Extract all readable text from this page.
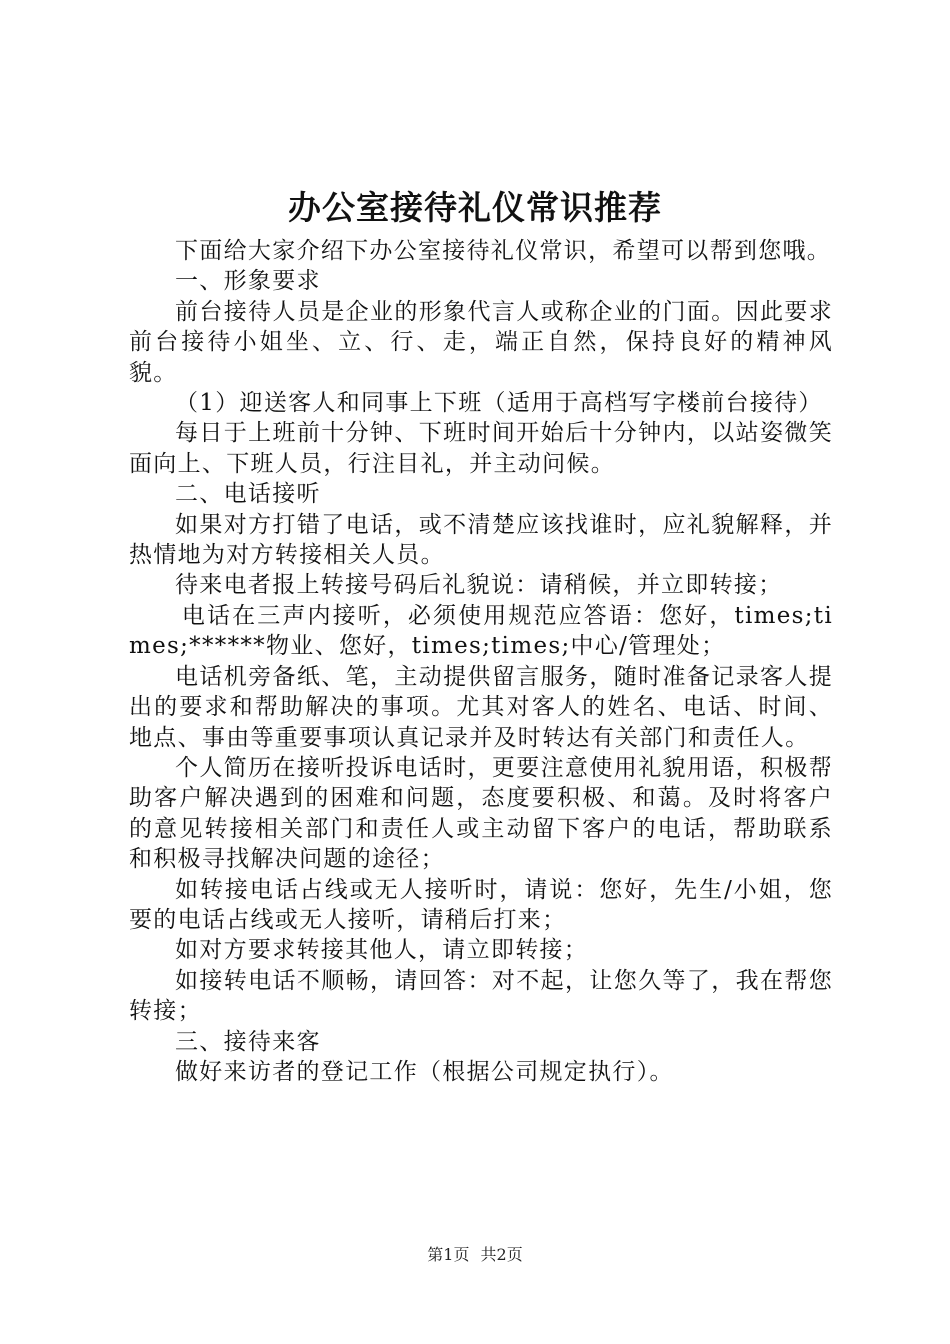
办公室接待礼仪常识推荐

下面给大家介绍下办公室接待礼仪常识，希望可以帮到您哦。

一、形象要求

前台接待人员是企业的形象代言人或称企业的门面。因此要求前台接待小姐坐、立、行、走，端正自然，保持良好的精神风貌。

（1）迎送客人和同事上下班（适用于高档写字楼前台接待）

每日于上班前十分钟、下班时间开始后十分钟内，以站姿微笑面向上、下班人员，行注目礼，并主动问候。

二、电话接听

如果对方打错了电话，或不清楚应该找谁时，应礼貌解释，并热情地为对方转接相关人员。

待来电者报上转接号码后礼貌说：请稍候，并立即转接；

电话在三声内接听，必须使用规范应答语：您好，times;times;******物业、您好，times;times;中心/管理处；

电话机旁备纸、笔，主动提供留言服务，随时准备记录客人提出的要求和帮助解决的事项。尤其对客人的姓名、电话、时间、地点、事由等重要事项认真记录并及时转达有关部门和责任人。

个人简历在接听投诉电话时，更要注意使用礼貌用语，积极帮助客户解决遇到的困难和问题，态度要积极、和蔼。及时将客户的意见转接相关部门和责任人或主动留下客户的电话，帮助联系和积极寻找解决问题的途径；

如转接电话占线或无人接听时，请说：您好，先生/小姐，您要的电话占线或无人接听，请稍后打来；

如对方要求转接其他人，请立即转接；

如接转电话不顺畅，请回答：对不起，让您久等了，我在帮您转接；

三、接待来客

做好来访者的登记工作（根据公司规定执行）。

第1页 共2页
